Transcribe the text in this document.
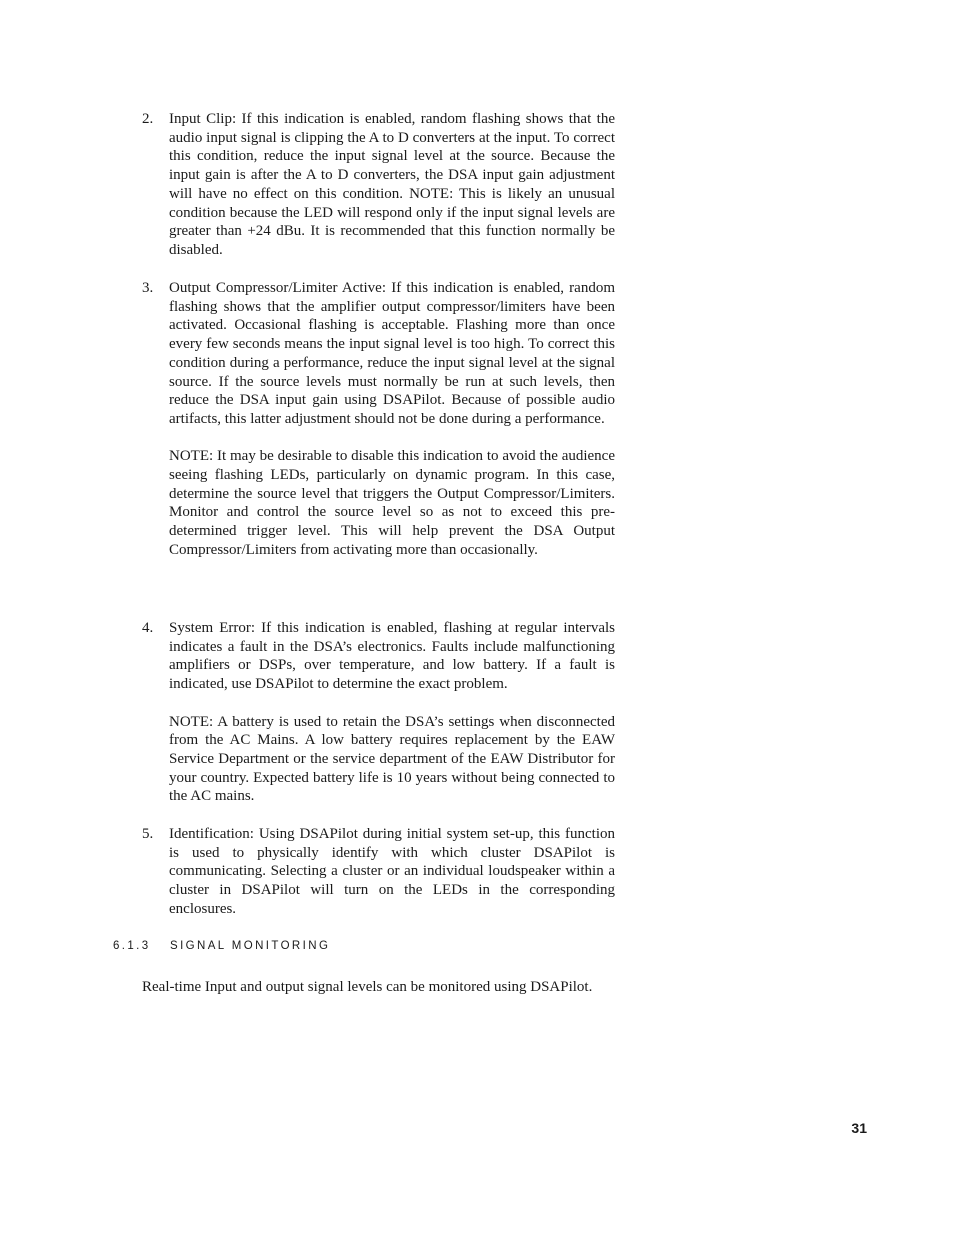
2. Input Clip: If this indication is enabled, random flashing shows that the audio input signal is clipping the A to D converters at the input. To correct this condition, reduce the input signal level at the source. Because the input gain is after the A to D converters, the DSA input gain adjustment will have no effect on this condition. NOTE: This is likely an unusual condition because the LED will respond only if the input signal levels are greater than +24 dBu. It is recommended that this function normally be disabled.

3. Output Compressor/Limiter Active: If this indication is enabled, random flashing shows that the amplifier output compressor/limiters have been activated. Occasional flashing is acceptable. Flashing more than once every few seconds means the input signal level is too high. To correct this condition during a performance, reduce the input signal level at the signal source. If the source levels must normally be run at such levels, then reduce the DSA input gain using DSAPilot. Because of possible audio artifacts, this latter adjustment should not be done during a performance.

NOTE: It may be desirable to disable this indication to avoid the audience seeing flashing LEDs, particularly on dynamic program. In this case, determine the source level that triggers the Output Compressor/Limiters. Monitor and control the source level so as not to exceed this pre-determined trigger level. This will help prevent the DSA Output Compressor/Limiters from activating more than occasionally.

4. System Error: If this indication is enabled, flashing at regular intervals indicates a fault in the DSA’s electronics. Faults include malfunctioning amplifiers or DSPs, over temperature, and low battery. If a fault is indicated, use DSAPilot to determine the exact problem.

NOTE: A battery is used to retain the DSA’s settings when disconnected from the AC Mains. A low battery requires replacement by the EAW Service Department or the service department of the EAW Distributor for your country. Expected battery life is 10 years without being connected to the AC mains.

5. Identification: Using DSAPilot during initial system set-up, this function is used to physically identify with which cluster DSAPilot is communicating. Selecting a cluster or an individual loudspeaker within a cluster in DSAPilot will turn on the LEDs in the corresponding enclosures.

6.1.3 SIGNAL MONITORING

Real-time Input and output signal levels can be monitored using DSAPilot.

31
